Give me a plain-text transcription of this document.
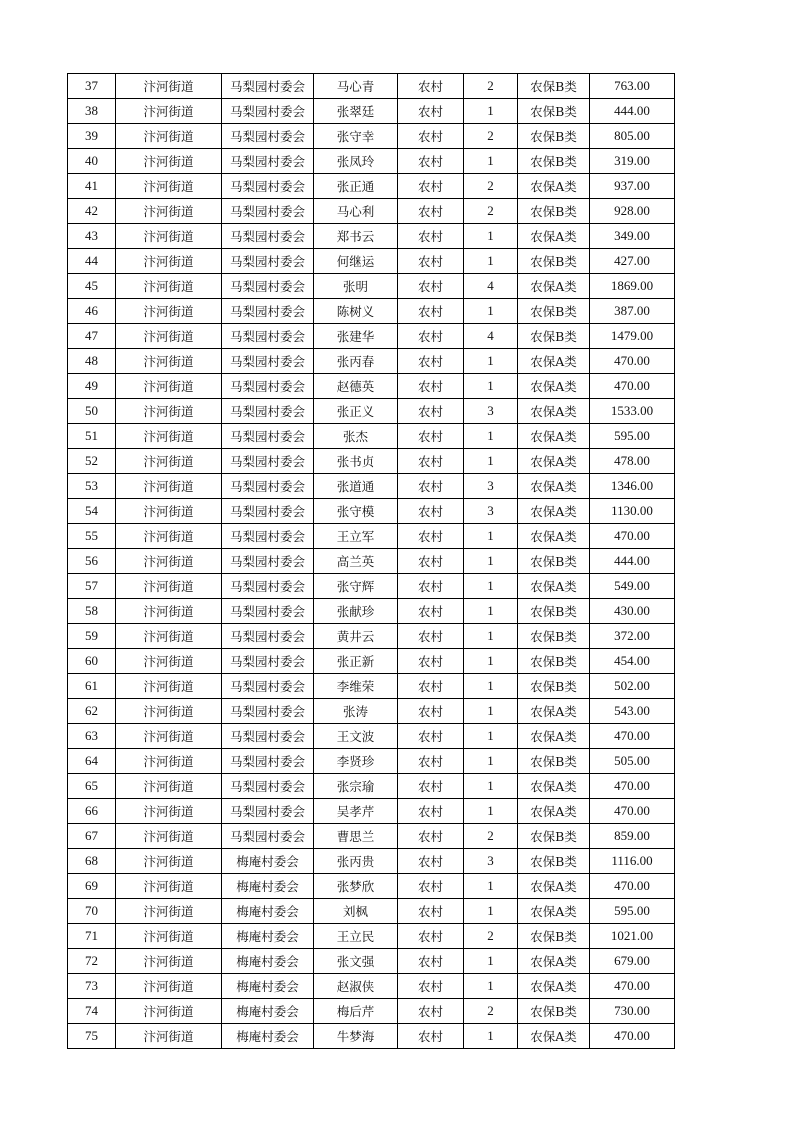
37	汴河街道	马梨园村委会	马心青	农村	2	农保B类	763.00
38	汴河街道	马梨园村委会	张翠廷	农村	1	农保B类	444.00
39	汴河街道	马梨园村委会	张守幸	农村	2	农保B类	805.00
40	汴河街道	马梨园村委会	张凤玲	农村	1	农保B类	319.00
41	汴河街道	马梨园村委会	张正通	农村	2	农保A类	937.00
42	汴河街道	马梨园村委会	马心利	农村	2	农保B类	928.00
43	汴河街道	马梨园村委会	郑书云	农村	1	农保A类	349.00
44	汴河街道	马梨园村委会	何继运	农村	1	农保B类	427.00
45	汴河街道	马梨园村委会	张明	农村	4	农保A类	1869.00
46	汴河街道	马梨园村委会	陈树义	农村	1	农保B类	387.00
47	汴河街道	马梨园村委会	张建华	农村	4	农保B类	1479.00
48	汴河街道	马梨园村委会	张丙春	农村	1	农保A类	470.00
49	汴河街道	马梨园村委会	赵德英	农村	1	农保A类	470.00
50	汴河街道	马梨园村委会	张正义	农村	3	农保A类	1533.00
51	汴河街道	马梨园村委会	张杰	农村	1	农保A类	595.00
52	汴河街道	马梨园村委会	张书贞	农村	1	农保A类	478.00
53	汴河街道	马梨园村委会	张道通	农村	3	农保A类	1346.00
54	汴河街道	马梨园村委会	张守模	农村	3	农保A类	1130.00
55	汴河街道	马梨园村委会	王立军	农村	1	农保A类	470.00
56	汴河街道	马梨园村委会	高兰英	农村	1	农保B类	444.00
57	汴河街道	马梨园村委会	张守辉	农村	1	农保A类	549.00
58	汴河街道	马梨园村委会	张献珍	农村	1	农保B类	430.00
59	汴河街道	马梨园村委会	黄井云	农村	1	农保B类	372.00
60	汴河街道	马梨园村委会	张正新	农村	1	农保B类	454.00
61	汴河街道	马梨园村委会	李维荣	农村	1	农保B类	502.00
62	汴河街道	马梨园村委会	张涛	农村	1	农保A类	543.00
63	汴河街道	马梨园村委会	王文波	农村	1	农保A类	470.00
64	汴河街道	马梨园村委会	李贤珍	农村	1	农保B类	505.00
65	汴河街道	马梨园村委会	张宗瑜	农村	1	农保A类	470.00
66	汴河街道	马梨园村委会	吴孝芹	农村	1	农保A类	470.00
67	汴河街道	马梨园村委会	曹思兰	农村	2	农保B类	859.00
68	汴河街道	梅庵村委会	张丙贵	农村	3	农保B类	1116.00
69	汴河街道	梅庵村委会	张梦欣	农村	1	农保A类	470.00
70	汴河街道	梅庵村委会	刘枫	农村	1	农保A类	595.00
71	汴河街道	梅庵村委会	王立民	农村	2	农保B类	1021.00
72	汴河街道	梅庵村委会	张文强	农村	1	农保A类	679.00
73	汴河街道	梅庵村委会	赵淑侠	农村	1	农保A类	470.00
74	汴河街道	梅庵村委会	梅后芹	农村	2	农保B类	730.00
75	汴河街道	梅庵村委会	牛梦海	农村	1	农保A类	470.00
